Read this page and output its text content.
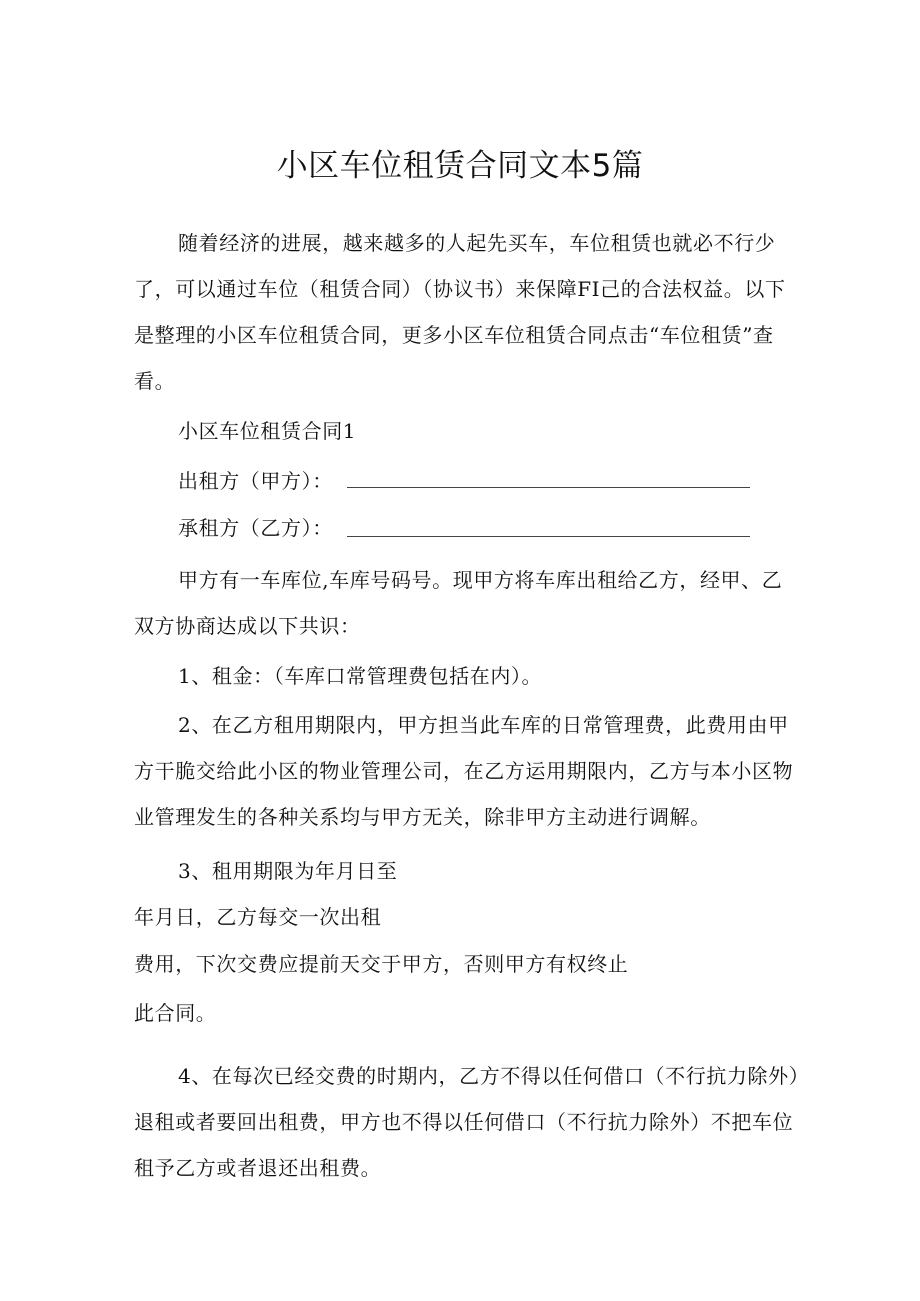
小区车位租赁合同文本5篇
随着经济的进展，越来越多的人起先买车，车位租赁也就必不行少了，可以通过车位（租赁合同）（协议书）来保障FI己的合法权益。以下是整理的小区车位租赁合同，更多小区车位租赁合同点击“车位租赁”查看。
小区车位租赁合同1
出租方（甲方）：
承租方（乙方）：
甲方有一车库位,车库号码号。现甲方将车库出租给乙方，经甲、乙双方协商达成以下共识：
1、租金：（车库口常管理费包括在内）。
2、在乙方租用期限内，甲方担当此车库的日常管理费，此费用由甲方干脆交给此小区的物业管理公司，在乙方运用期限内，乙方与本小区物业管理发生的各种关系均与甲方无关，除非甲方主动进行调解。
3、租用期限为年月日至
年月日，乙方每交一次出租
费用，下次交费应提前天交于甲方，否则甲方有权终止
此合同。
4、在每次已经交费的时期内，乙方不得以任何借口（不行抗力除外）退租或者要回出租费，甲方也不得以任何借口（不行抗力除外）不把车位租予乙方或者退还出租费。
